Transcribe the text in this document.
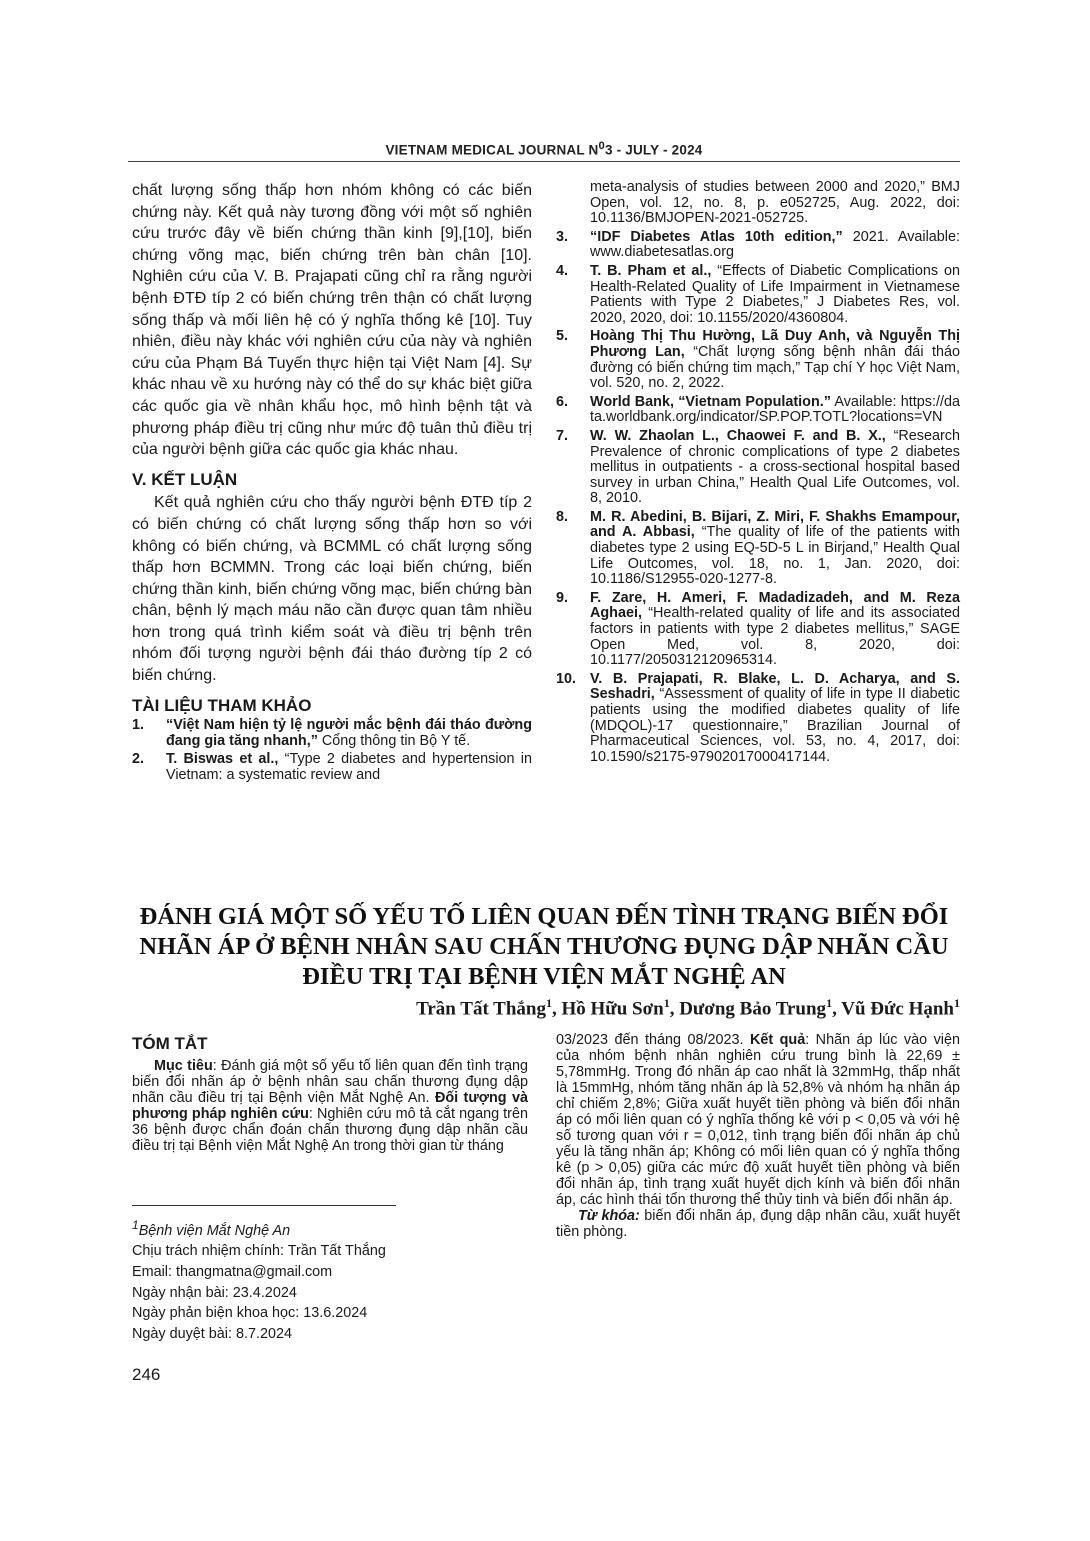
VIETNAM MEDICAL JOURNAL $N^03$ - JULY - 2024

chất lượng sống thấp hơn nhóm không có các biến chứng này. Kết quả này tương đồng với một số nghiên cứu trước đây về biến chứng thần kinh [9],[10], biến chứng võng mạc, biến chứng trên bàn chân [10]. Nghiên cứu của V. B. Prajapati cũng chỉ ra rằng người bệnh ĐTĐ típ 2 có biến chứng trên thận có chất lượng sống thấp và mối liên hệ có ý nghĩa thống kê [10]. Tuy nhiên, điều này khác với nghiên cứu của này và nghiên cứu của Phạm Bá Tuyến thực hiện tại Việt Nam [4]. Sự khác nhau về xu hướng này có thể do sự khác biệt giữa các quốc gia về nhân khẩu học, mô hình bệnh tật và phương pháp điều trị cũng như mức độ tuân thủ điều trị của người bệnh giữa các quốc gia khác nhau.

V. KẾT LUẬN

Kết quả nghiên cứu cho thấy người bệnh ĐTĐ típ 2 có biến chứng có chất lượng sống thấp hơn so với không có biến chứng, và BCMML có chất lượng sống thấp hơn BCMMN. Trong các loại biến chứng, biến chứng thần kinh, biến chứng võng mạc, biến chứng bàn chân, bệnh lý mạch máu não cần được quan tâm nhiều hơn trong quá trình kiểm soát và điều trị bệnh trên nhóm đối tượng người bệnh đái tháo đường típ 2 có biến chứng.

TÀI LIỆU THAM KHẢO
1. “Việt Nam hiện tỷ lệ người mắc bệnh đái tháo đường đang gia tăng nhanh,” Cổng thông tin Bộ Y tế.
2. T. Biswas et al., “Type 2 diabetes and hypertension in Vietnam: a systematic review and
meta-analysis of studies between 2000 and 2020,” BMJ Open, vol. 12, no. 8, p. e052725, Aug. 2022, doi: 10.1136/BMJOPEN-2021-052725.
3. “IDF Diabetes Atlas 10th edition,” 2021. Available: www.diabetesatlas.org
4. T. B. Pham et al., “Effects of Diabetic Complications on Health-Related Quality of Life Impairment in Vietnamese Patients with Type 2 Diabetes,” J Diabetes Res, vol. 2020, 2020, doi: 10.1155/2020/4360804.
5. Hoàng Thị Thu Hường, Lã Duy Anh, và Nguyễn Thị Phương Lan, “Chất lượng sống bệnh nhân đái tháo đường có biến chứng tim mạch,” Tạp chí Y học Việt Nam, vol. 520, no. 2, 2022.
6. World Bank, “Vietnam Population.” Available: https://data.worldbank.org/indicator/SP.POP.TOTL?locations=VN
7. W. W. Zhaolan L., Chaowei F. and B. X., “Research Prevalence of chronic complications of type 2 diabetes mellitus in outpatients - a cross-sectional hospital based survey in urban China,” Health Qual Life Outcomes, vol. 8, 2010.
8. M. R. Abedini, B. Bijari, Z. Miri, F. Shakhs Emampour, and A. Abbasi, “The quality of life of the patients with diabetes type 2 using EQ-5D-5 L in Birjand,” Health Qual Life Outcomes, vol. 18, no. 1, Jan. 2020, doi: 10.1186/S12955-020-1277-8.
9. F. Zare, H. Ameri, F. Madadizadeh, and M. Reza Aghaei, “Health-related quality of life and its associated factors in patients with type 2 diabetes mellitus,” SAGE Open Med, vol. 8, 2020, doi: 10.1177/2050312120965314.
10. V. B. Prajapati, R. Blake, L. D. Acharya, and S. Seshadri, “Assessment of quality of life in type II diabetic patients using the modified diabetes quality of life (MDQOL)-17 questionnaire,” Brazilian Journal of Pharmaceutical Sciences, vol. 53, no. 4, 2017, doi: 10.1590/s2175-97902017000417144.
ĐÁNH GIÁ MỘT SỐ YẾU TỐ LIÊN QUAN ĐẾN TÌNH TRẠNG BIẾN ĐỔI NHÃN ÁP Ở BỆNH NHÂN SAU CHẤN THƯƠNG ĐỤNG DẬP NHÃN CẦU ĐIỀU TRỊ TẠI BỆNH VIỆN MẮT NGHỆ AN
Trần Tất Thắng$^1$, Hồ Hữu Sơn$^1$, Dương Bảo Trung$^1$, Vũ Đức Hạnh$^1$
TÓM TẮT

Mục tiêu: Đánh giá một số yếu tố liên quan đến tình trạng biến đổi nhãn áp ở bệnh nhân sau chấn thương đụng dập nhãn cầu điều trị tại Bệnh viện Mắt Nghệ An. Đối tượng và phương pháp nghiên cứu: Nghiên cứu mô tả cắt ngang trên 36 bệnh được chẩn đoán chấn thương đụng dập nhãn cầu điều trị tại Bệnh viện Mắt Nghệ An trong thời gian từ tháng

03/2023 đến tháng 08/2023. Kết quả: Nhãn áp lúc vào viện của nhóm bệnh nhân nghiên cứu trung bình là 22,69 ± 5,78mmHg. Trong đó nhãn áp cao nhất là 32mmHg, thấp nhất là 15mmHg, nhóm tăng nhãn áp là 52,8% và nhóm hạ nhãn áp chỉ chiếm 2,8%; Giữa xuất huyết tiền phòng và biến đổi nhãn áp có mối liên quan có ý nghĩa thống kê với p < 0,05 và với hệ số tương quan với r = 0,012, tình trạng biến đổi nhãn áp chủ yếu là tăng nhãn áp; Không có mối liên quan có ý nghĩa thống kê (p > 0,05) giữa các mức độ xuất huyết tiền phòng và biến đổi nhãn áp, tình trạng xuất huyết dịch kính và biến đổi nhãn áp, các hình thái tổn thương thể thủy tinh và biến đổi nhãn áp.

Từ khóa: biến đổi nhãn áp, đụng dập nhãn cầu, xuất huyết tiền phòng.

$^1$Bệnh viện Mắt Nghệ An
Chịu trách nhiệm chính: Trần Tất Thắng
Email: thangmatna@gmail.com
Ngày nhận bài: 23.4.2024
Ngày phản biện khoa học: 13.6.2024
Ngày duyệt bài: 8.7.2024
246
